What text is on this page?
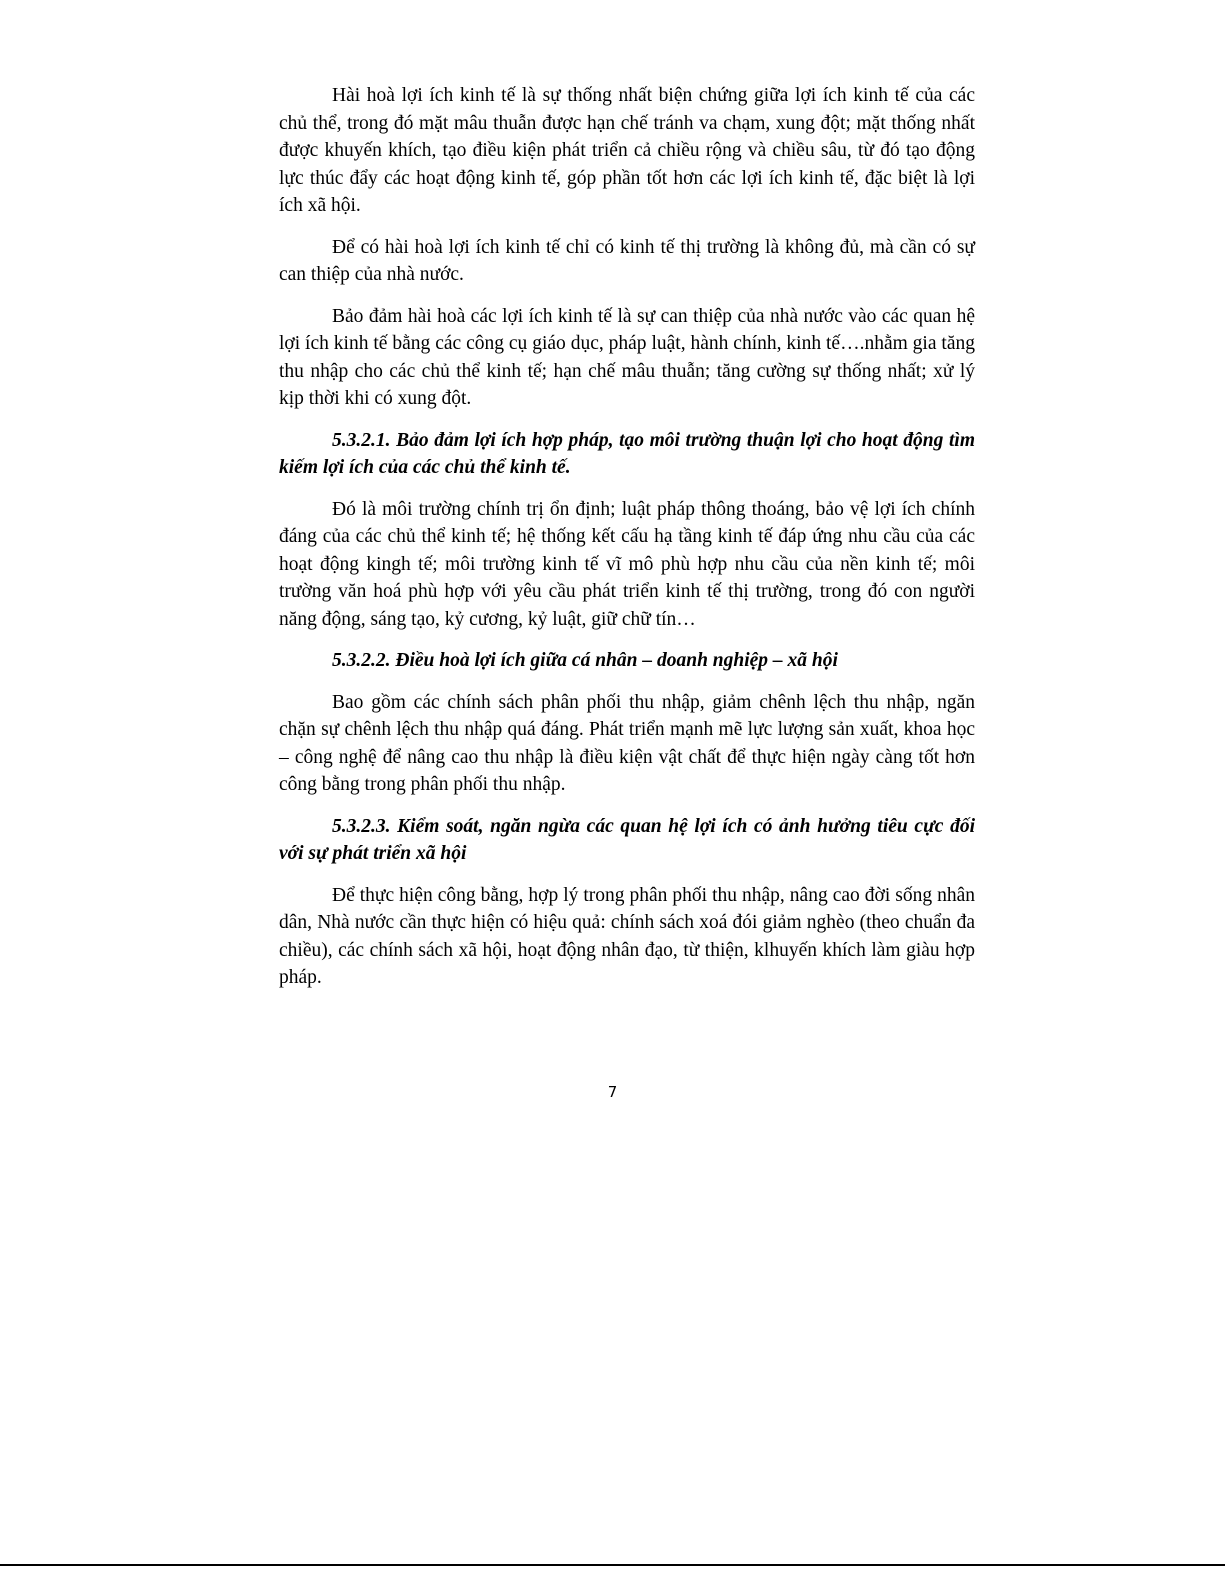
Hài hoà lợi ích kinh tế là sự thống nhất biện chứng giữa lợi ích kinh tế của các chủ thể, trong đó mặt mâu thuẫn được hạn chế tránh va chạm, xung đột; mặt thống nhất được khuyến khích, tạo điều kiện phát triển cả chiều rộng và chiều sâu, từ đó tạo động lực thúc đẩy các hoạt động kinh tế, góp phần tốt hơn các lợi ích kinh tế, đặc biệt là lợi ích xã hội.

Để có hài hoà lợi ích kinh tế chỉ có kinh tế thị trường là không đủ, mà cần có sự can thiệp của nhà nước.

Bảo đảm hài hoà các lợi ích kinh tế là sự can thiệp của nhà nước vào các quan hệ lợi ích kinh tế bằng các công cụ giáo dục, pháp luật, hành chính, kinh tế….nhằm gia tăng thu nhập cho các chủ thể kinh tế; hạn chế mâu thuẫn; tăng cường sự thống nhất; xử lý kịp thời khi có xung đột.

5.3.2.1. Bảo đảm lợi ích hợp pháp, tạo môi trường thuận lợi cho hoạt động tìm kiếm lợi ích của các chủ thể kinh tế.

Đó là môi trường chính trị ổn định; luật pháp thông thoáng, bảo vệ lợi ích chính đáng của các chủ thể kinh tế; hệ thống kết cấu hạ tầng kinh tế đáp ứng nhu cầu của các hoạt động kingh tế; môi trường kinh tế vĩ mô phù hợp nhu cầu của nền kinh tế; môi trường văn hoá phù hợp với yêu cầu phát triển kinh tế thị trường, trong đó con người năng động, sáng tạo, kỷ cương, kỷ luật, giữ chữ tín…

5.3.2.2. Điều hoà lợi ích giữa cá nhân – doanh nghiệp – xã hội

Bao gồm các chính sách phân phối thu nhập, giảm chênh lệch thu nhập, ngăn chặn sự chênh lệch thu nhập quá đáng. Phát triển mạnh mẽ lực lượng sản xuất, khoa học – công nghệ để nâng cao thu nhập là điều kiện vật chất để thực hiện ngày càng tốt hơn công bằng trong phân phối thu nhập.

5.3.2.3. Kiểm soát, ngăn ngừa các quan hệ lợi ích có ảnh hưởng tiêu cực đối với sự phát triển xã hội

Để thực hiện công bằng, hợp lý trong phân phối thu nhập, nâng cao đời sống nhân dân, Nhà nước cần thực hiện có hiệu quả: chính sách xoá đói giảm nghèo (theo chuẩn đa chiều), các chính sách xã hội, hoạt động nhân đạo, từ thiện, klhuyến khích làm giàu hợp pháp.

7
